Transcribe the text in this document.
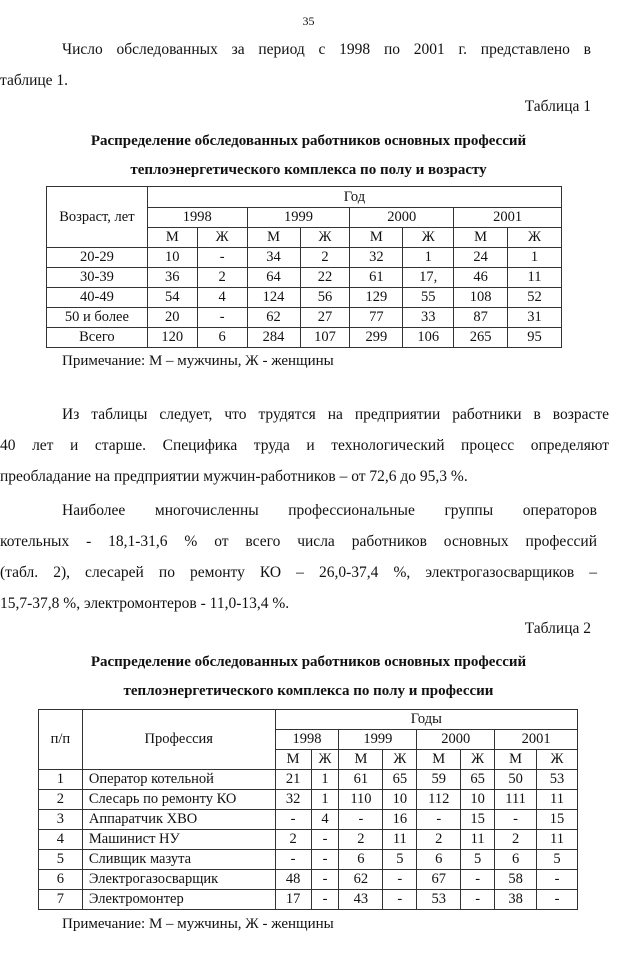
35

Число обследованных за период с 1998 по 2001 г. представлено в

таблице 1.

Таблица 1
Распределение обследованных работников основных профессий
теплоэнергетического комплекса по полу и возрасту
Возраст, лет	Год							
	1998		1999		2000		2001	
	М	Ж	М	Ж	М	Ж	М	Ж
20-29	10	-	34	2	32	1	24	1
30-39	36	2	64	22	61	17,	46	11
40-49	54	4	124	56	129	55	108	52
50 и более	20	-	62	27	77	33	87	31
Всего	120	6	284	107	299	106	265	95
Примечание: М – мужчины, Ж - женщины

Из таблицы следует, что трудятся на предприятии работники в возрасте

40 лет и старше. Специфика труда и технологический процесс определяют

преобладание на предприятии мужчин-работников – от 72,6 до 95,3 %.

Наиболее многочисленны профессиональные группы операторов

котельных - 18,1-31,6 % от всего числа работников основных профессий

(табл. 2), слесарей по ремонту КО – 26,0-37,4 %, электрогазосварщиков –

15,7-37,8 %, электромонтеров - 11,0-13,4 %.

Таблица 2
Распределение обследованных работников основных профессий
теплоэнергетического комплекса по полу и профессии
п/п	Профессия	Годы							
		1998		1999		2000		2001	
		М	Ж	М	Ж	М	Ж	М	Ж
1	Оператор котельной	21	1	61	65	59	65	50	53
2	Слесарь по ремонту КО	32	1	110	10	112	10	111	11
3	Аппаратчик ХВО	-	4	-	16	-	15	-	15
4	Машинист НУ	2	-	2	11	2	11	2	11
5	Сливщик мазута	-	-	6	5	6	5	6	5
6	Электрогазосварщик	48	-	62	-	67	-	58	-
7	Электромонтер	17	-	43	-	53	-	38	-
Примечание: М – мужчины, Ж - женщины
